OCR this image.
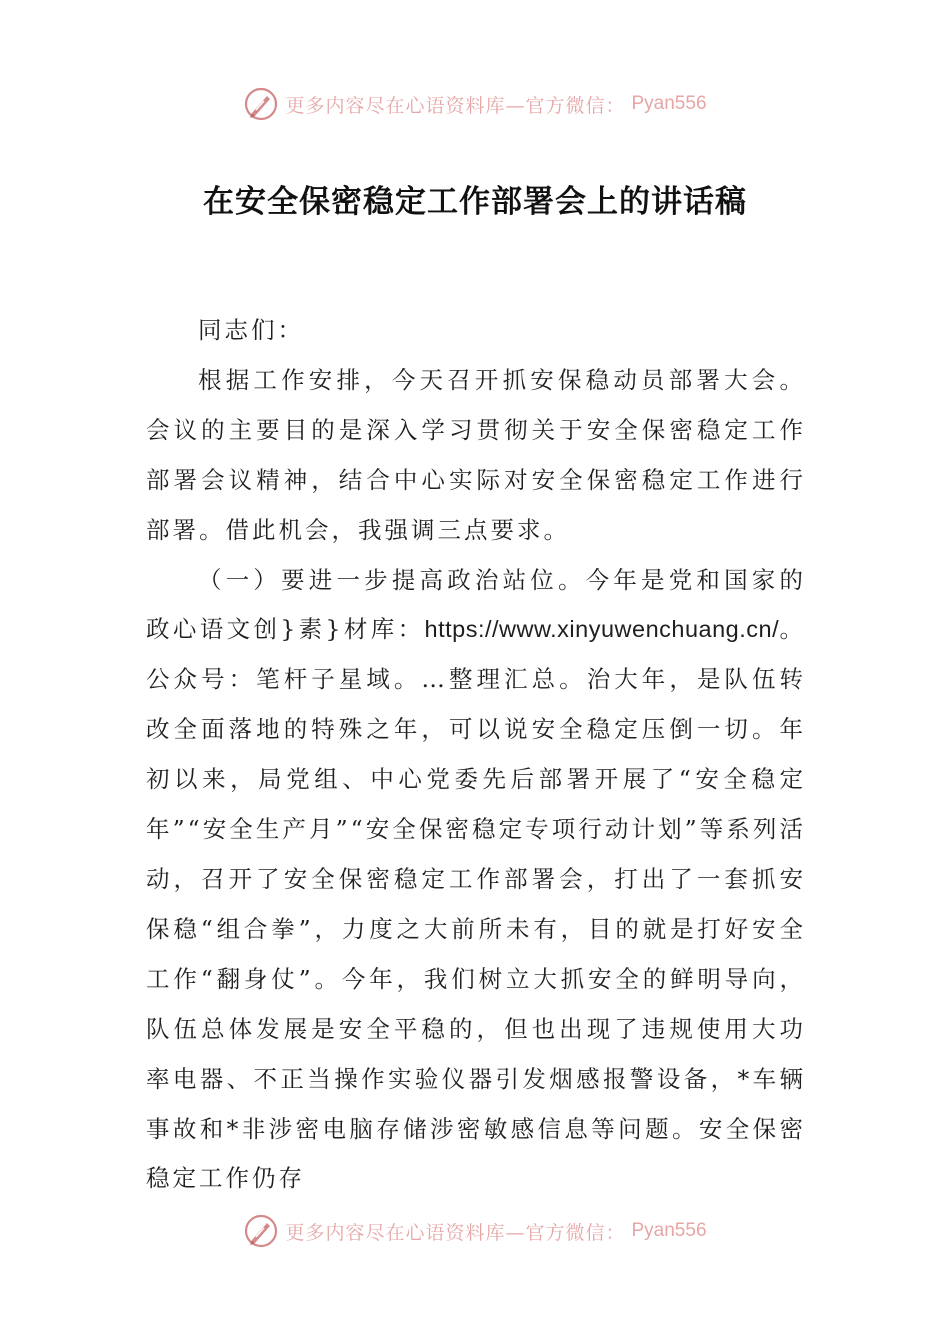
更多内容尽在心语资料库—官方微信： Pyan556
在安全保密稳定工作部署会上的讲话稿

同志们：

根据工作安排，今天召开抓安保稳动员部署大会。会议的主要目的是深入学习贯彻关于安全保密稳定工作部署会议精神，结合中心实际对安全保密稳定工作进行部署。借此机会，我强调三点要求。

（一）要进一步提高政治站位。今年是党和国家的政心语文创}素}材库：https://www.xinyuwenchuang.cn/。公众号：笔杆子星域。…整理汇总。治大年，是队伍转改全面落地的特殊之年，可以说安全稳定压倒一切。年初以来，局党组、中心党委先后部署开展了“安全稳定年”“安全生产月”“安全保密稳定专项行动计划”等系列活动，召开了安全保密稳定工作部署会，打出了一套抓安保稳“组合拳”，力度之大前所未有，目的就是打好安全工作“翻身仗”。今年，我们树立大抓安全的鲜明导向，队伍总体发展是安全平稳的，但也出现了违规使用大功率电器、不正当操作实验仪器引发烟感报警设备，*车辆事故和*非涉密电脑存储涉密敏感信息等问题。安全保密稳定工作仍存

更多内容尽在心语资料库—官方微信： Pyan556
